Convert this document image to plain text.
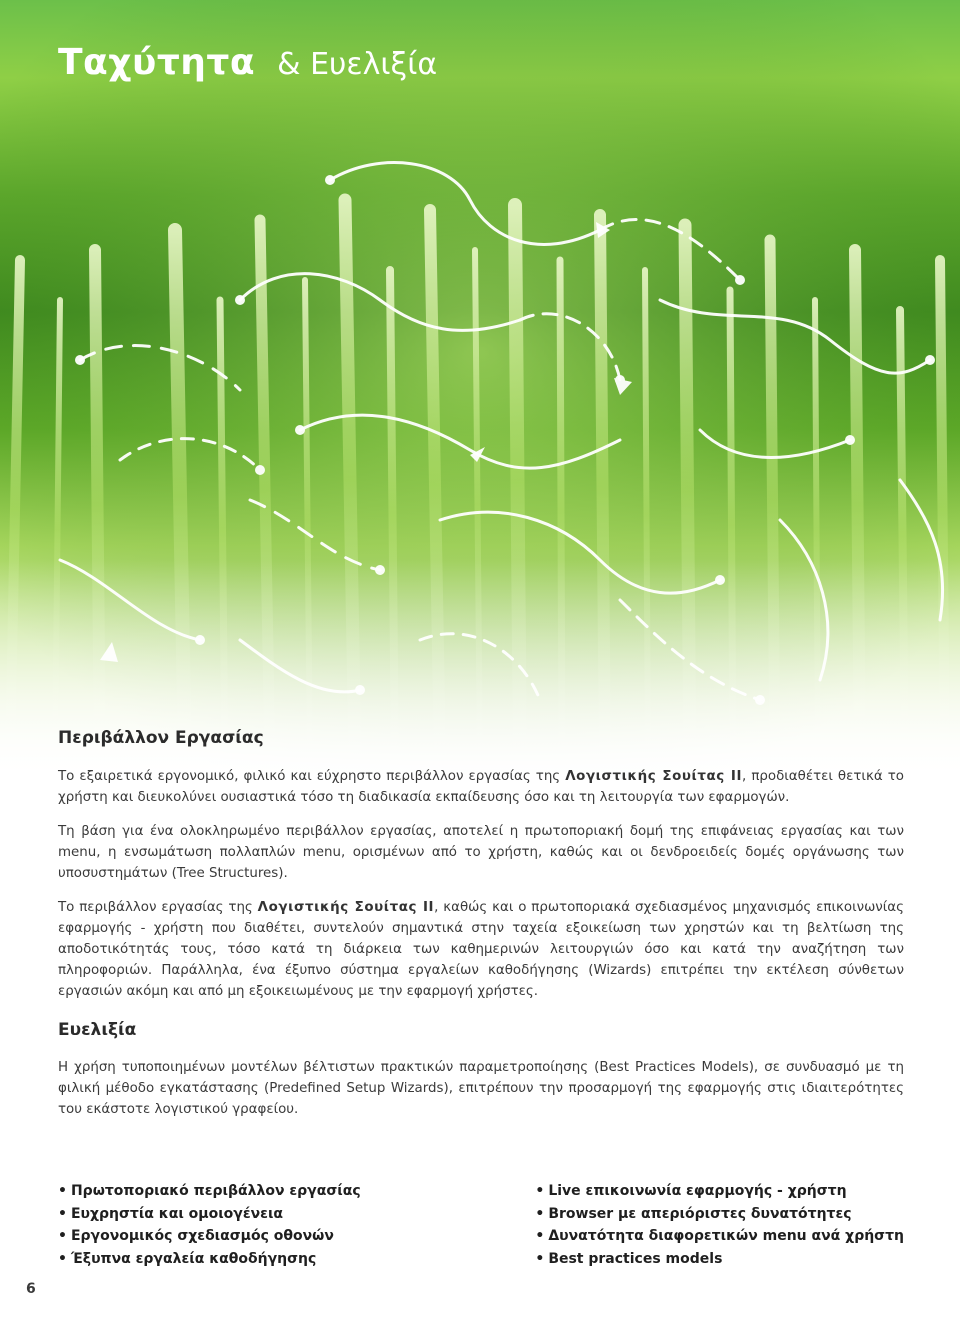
Ταχύτητα & Ευελιξία
Περιβάλλον Εργασίας

Το εξαιρετικά εργονομικό, φιλικό και εύχρηστο περιβάλλον εργασίας της Λογιστικής Σουίτας ΙΙ, προδιαθέτει θετικά το χρήστη και διευκολύνει ουσιαστικά τόσο τη διαδικασία εκπαίδευσης όσο και τη λειτουργία των εφαρμογών.

Τη βάση για ένα ολοκληρωμένο περιβάλλον εργασίας, αποτελεί η πρωτοποριακή δομή της επιφάνειας εργασίας και των menu, η ενσωμάτωση πολλαπλών menu, ορισμένων από το χρήστη, καθώς και οι δενδροειδείς δομές οργάνωσης των υποσυστημάτων (Tree Structures).

Το περιβάλλον εργασίας της Λογιστικής Σουίτας ΙΙ, καθώς και ο πρωτοποριακά σχεδιασμένος μηχανισμός επικοινωνίας εφαρμογής - χρήστη που διαθέτει, συντελούν σημαντικά στην ταχεία εξοικείωση των χρηστών και τη βελτίωση της αποδοτικότητάς τους, τόσο κατά τη διάρκεια των καθημερινών λειτουργιών όσο και κατά την αναζήτηση των πληροφοριών. Παράλληλα, ένα έξυπνο σύστημα εργαλείων καθοδήγησης (Wizards) επιτρέπει την εκτέλεση σύνθετων εργασιών ακόμη και από μη εξοικειωμένους με την εφαρμογή χρήστες.

Ευελιξία

Η χρήση τυποποιημένων μοντέλων βέλτιστων πρακτικών παραμετροποίησης (Best Practices Models), σε συνδυασμό με τη φιλική μέθοδο εγκατάστασης (Predefined Setup Wizards), επιτρέπουν την προσαρμογή της εφαρμογής στις ιδιαιτερότητες του εκάστοτε λογιστικού γραφείου.

• Πρωτοποριακό περιβάλλον εργασίας
• Ευχρηστία και ομοιογένεια
• Εργονομικός σχεδιασμός οθονών
• Έξυπνα εργαλεία καθοδήγησης
• Live επικοινωνία εφαρμογής - χρήστη
• Browser με απεριόριστες δυνατότητες
• Δυνατότητα διαφορετικών menu ανά χρήστη
• Best practices models
6
